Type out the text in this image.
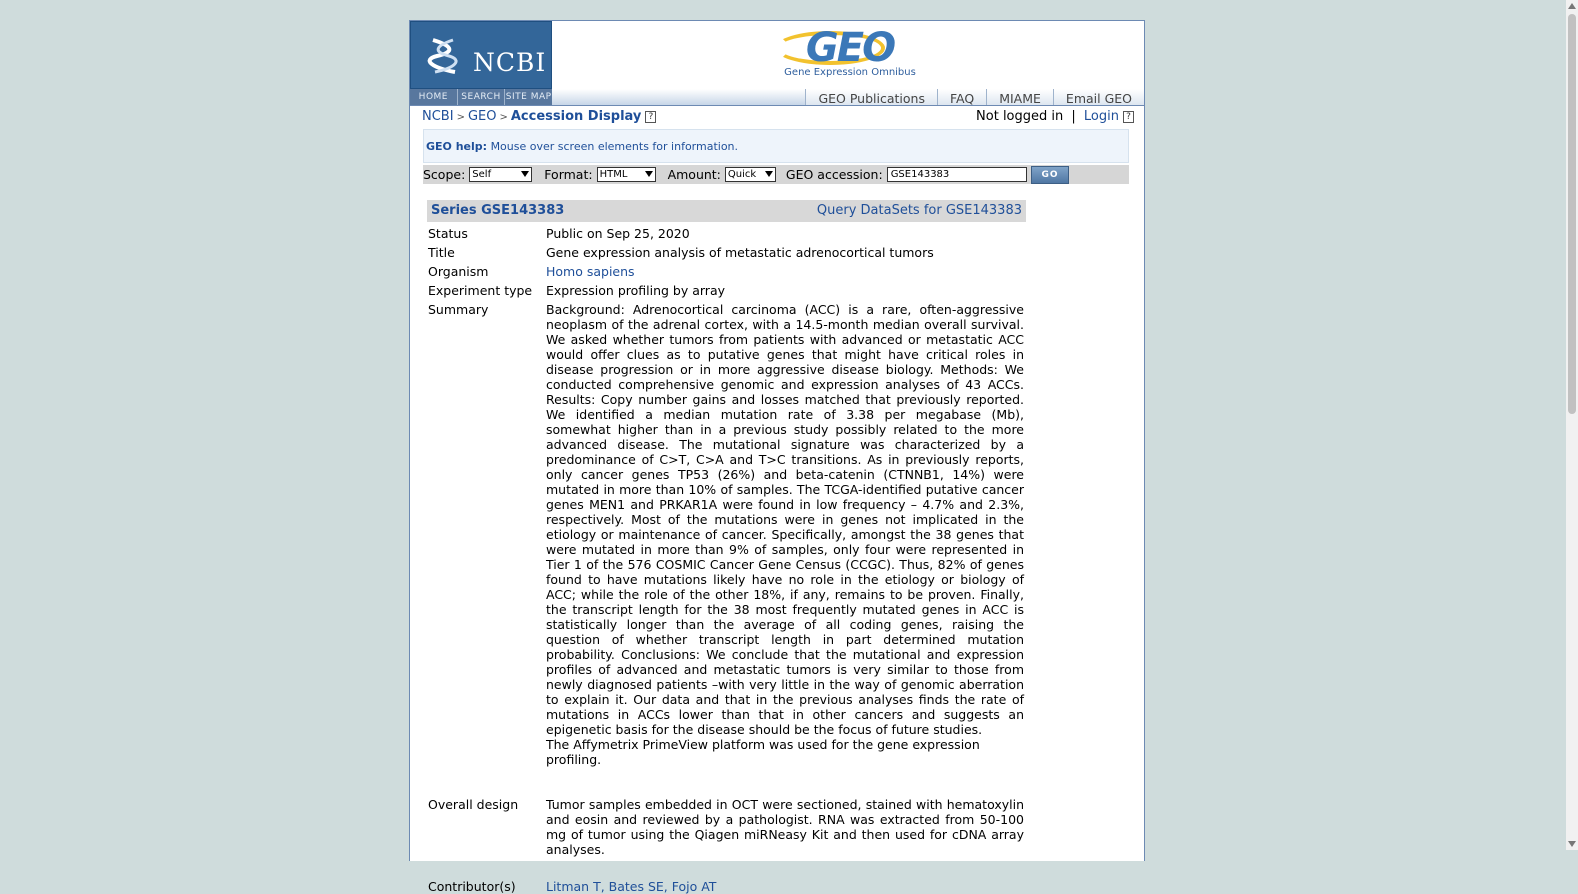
NCBI	GEO
Gene Expression Omnibus
HOME	SEARCH SITE MAP	GEO Publications	FAQ	MIAME	Email GEO
NCBI > GEO > Accession Display ?	Not logged in | Login ?
GEO help: Mouse over screen elements for information.
Scope: Self	Format: HTML	Amount: Quick GEO accession: GSE143383	GO
Series GSE143383	Query DataSets for GSE143383
Status	Public on Sep 25, 2020
Title	Gene expression analysis of metastatic adrenocortical tumors
Organism	Homo sapiens
Experiment type	Expression profiling by array
Summary	Background: Adrenocortical carcinoma (ACC) is a rare, often-aggressive neoplasm of the adrenal cortex, with a 14.5-month median overall survival. We asked whether tumors from patients with advanced or metastatic ACC would offer clues as to putative genes that might have critical roles in disease progression or in more aggressive disease biology. Methods: We conducted comprehensive genomic and expression analyses of 43 ACCs. Results: Copy number gains and losses matched that previously reported. We identified a median mutation rate of 3.38 per megabase (Mb), somewhat higher than in a previous study possibly related to the more advanced disease. The mutational signature was characterized by a predominance of C>T, C>A and T>C transitions. As in previously reports, only cancer genes TP53 (26%) and beta-catenin (CTNNB1, 14%) were mutated in more than 10% of samples. The TCGA-identified putative cancer genes MEN1 and PRKAR1A were found in low frequency – 4.7% and 2.3%, respectively. Most of the mutations were in genes not implicated in the etiology or maintenance of cancer. Specifically, amongst the 38 genes that were mutated in more than 9% of samples, only four were represented in Tier 1 of the 576 COSMIC Cancer Gene Census (CCGC). Thus, 82% of genes found to have mutations likely have no role in the etiology or biology of ACC; while the role of the other 18%, if any, remains to be proven. Finally, the transcript length for the 38 most frequently mutated genes in ACC is statistically longer than the average of all coding genes, raising the question of whether transcript length in part determined mutation probability. Conclusions: We conclude that the mutational and expression profiles of advanced and metastatic tumors is very similar to those from newly diagnosed patients –with very little in the way of genomic aberration to explain it. Our data and that in the previous analyses finds the rate of mutations in ACCs lower than that in other cancers and suggests an epigenetic basis for the disease should be the focus of future studies.
The Affymetrix PrimeView platform was used for the gene expression profiling.
Overall design	Tumor samples embedded in OCT were sectioned, stained with hematoxylin and eosin and reviewed by a pathologist. RNA was extracted from 50-100 mg of tumor using the Qiagen miRNeasy Kit and then used for cDNA array analyses.
Contributor(s)	Litman T, Bates SE, Fojo AT
